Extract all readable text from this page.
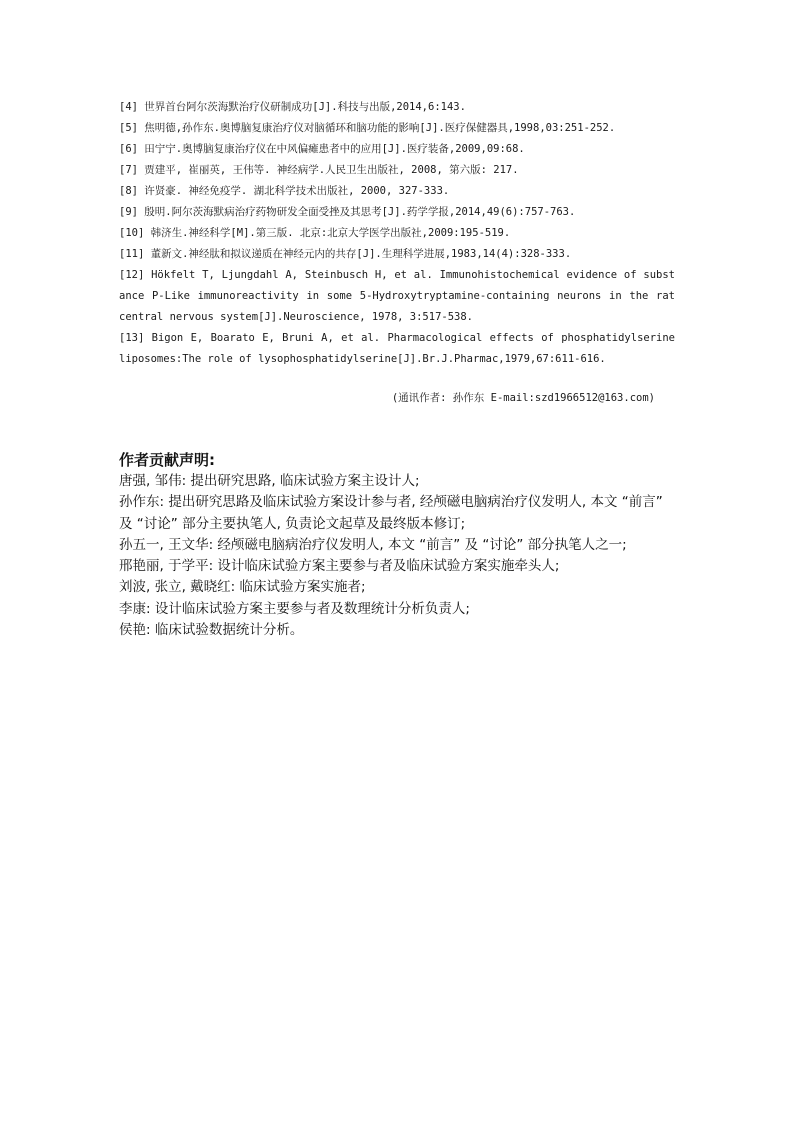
[4] 世界首台阿尔茨海默治疗仪研制成功[J].科技与出版,2014,6:143.
[5] 焦明德,孙作东.奥博脑复康治疗仪对脑循环和脑功能的影响[J].医疗保健器具,1998,03:251-252.
[6] 田宁宁.奥博脑复康治疗仪在中风偏瘫患者中的应用[J].医疗装备,2009,09:68.
[7] 贾建平, 崔丽英, 王伟等. 神经病学.人民卫生出版社, 2008, 第六版: 217.
[8] 许贤豪. 神经免疫学. 湖北科学技术出版社, 2000, 327-333.
[9] 殷明.阿尔茨海默病治疗药物研发全面受挫及其思考[J].药学学报,2014,49(6):757-763.
[10] 韩济生.神经科学[M].第三版. 北京:北京大学医学出版社,2009:195-519.
[11] 董新文.神经肽和拟议递质在神经元内的共存[J].生理科学进展,1983,14(4):328-333.
[12] Hökfelt T, Ljungdahl A, Steinbusch H, et al. Immunohistochemical evidence of substance P-Like immunoreactivity in some 5-Hydroxytryptamine-containing neurons in the rat central nervous system[J].Neuroscience, 1978, 3:517-538.
[13] Bigon E, Boarato E, Bruni A, et al. Pharmacological effects of phosphatidylserine liposomes:The role of lysophosphatidylserine[J].Br.J.Pharmac,1979,67:611-616.
(通讯作者: 孙作东 E-mail:szd1966512@163.com)
作者贡献声明:

唐强, 邹伟: 提出研究思路, 临床试验方案主设计人;

孙作东: 提出研究思路及临床试验方案设计参与者, 经颅磁电脑病治疗仪发明人, 本文 “前言” 及 “讨论” 部分主要执笔人, 负责论文起草及最终版本修订;

孙五一, 王文华: 经颅磁电脑病治疗仪发明人, 本文 “前言” 及 “讨论” 部分执笔人之一;

邢艳丽, 于学平: 设计临床试验方案主要参与者及临床试验方案实施牵头人;

刘波, 张立, 戴晓红: 临床试验方案实施者;

李康: 设计临床试验方案主要参与者及数理统计分析负责人;

侯艳: 临床试验数据统计分析。
